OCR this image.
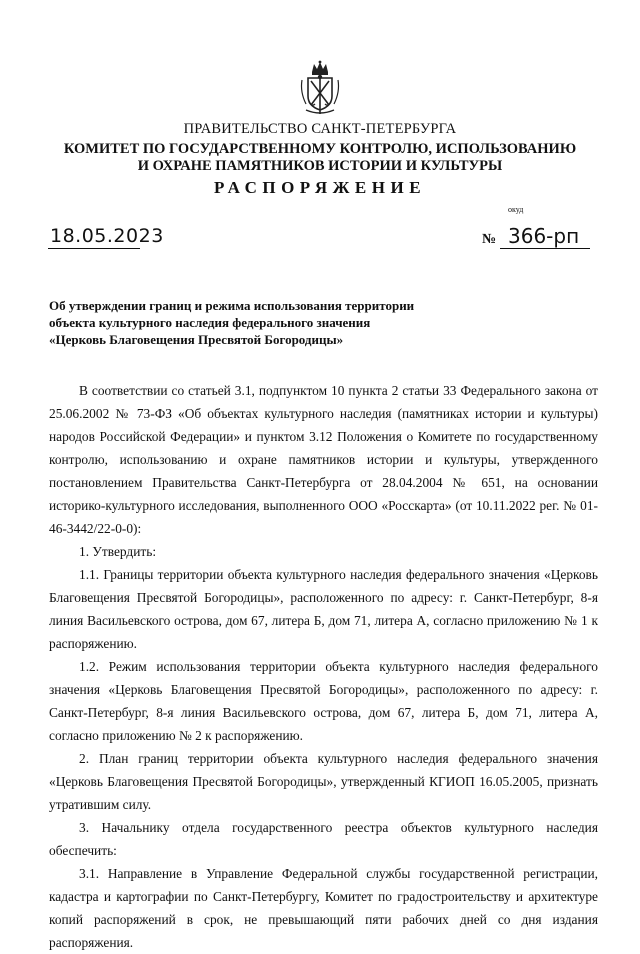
ПРАВИТЕЛЬСТВО САНКТ-ПЕТЕРБУРГА
КОМИТЕТ ПО ГОСУДАРСТВЕННОМУ КОНТРОЛЮ, ИСПОЛЬЗОВАНИЮ
И ОХРАНЕ ПАМЯТНИКОВ ИСТОРИИ И КУЛЬТУРЫ
РАСПОРЯЖЕНИЕ
окуд
18.05.2023	№ 366-рп
Об утверждении границ и режима использования территории
объекта культурного наследия федерального значения
«Церковь Благовещения Пресвятой Богородицы»

В соответствии со статьей 3.1, подпунктом 10 пункта 2 статьи 33 Федерального закона от 25.06.2002 № 73-ФЗ «Об объектах культурного наследия (памятниках истории и культуры) народов Российской Федерации» и пунктом 3.12 Положения о Комитете по государственному контролю, использованию и охране памятников истории и культуры, утвержденного постановлением Правительства Санкт-Петербурга от 28.04.2004 № 651, на основании историко-культурного исследования, выполненного ООО «Росскарта» (от 10.11.2022 рег. № 01-46-3442/22-0-0):

1. Утвердить:

1.1. Границы территории объекта культурного наследия федерального значения «Церковь Благовещения Пресвятой Богородицы», расположенного по адресу: г. Санкт-Петербург, 8-я линия Васильевского острова, дом 67, литера Б, дом 71, литера А, согласно приложению № 1 к распоряжению.

1.2. Режим использования территории объекта культурного наследия федерального значения «Церковь Благовещения Пресвятой Богородицы», расположенного по адресу: г. Санкт-Петербург, 8-я линия Васильевского острова, дом 67, литера Б, дом 71, литера А, согласно приложению № 2 к распоряжению.

2. План границ территории объекта культурного наследия федерального значения «Церковь Благовещения Пресвятой Богородицы», утвержденный КГИОП 16.05.2005, признать утратившим силу.

3. Начальнику отдела государственного реестра объектов культурного наследия обеспечить:

3.1. Направление в Управление Федеральной службы государственной регистрации, кадастра и картографии по Санкт-Петербургу, Комитет по градостроительству и архитектуре копий распоряжений в срок, не превышающий пяти рабочих дней со дня издания распоряжения.
